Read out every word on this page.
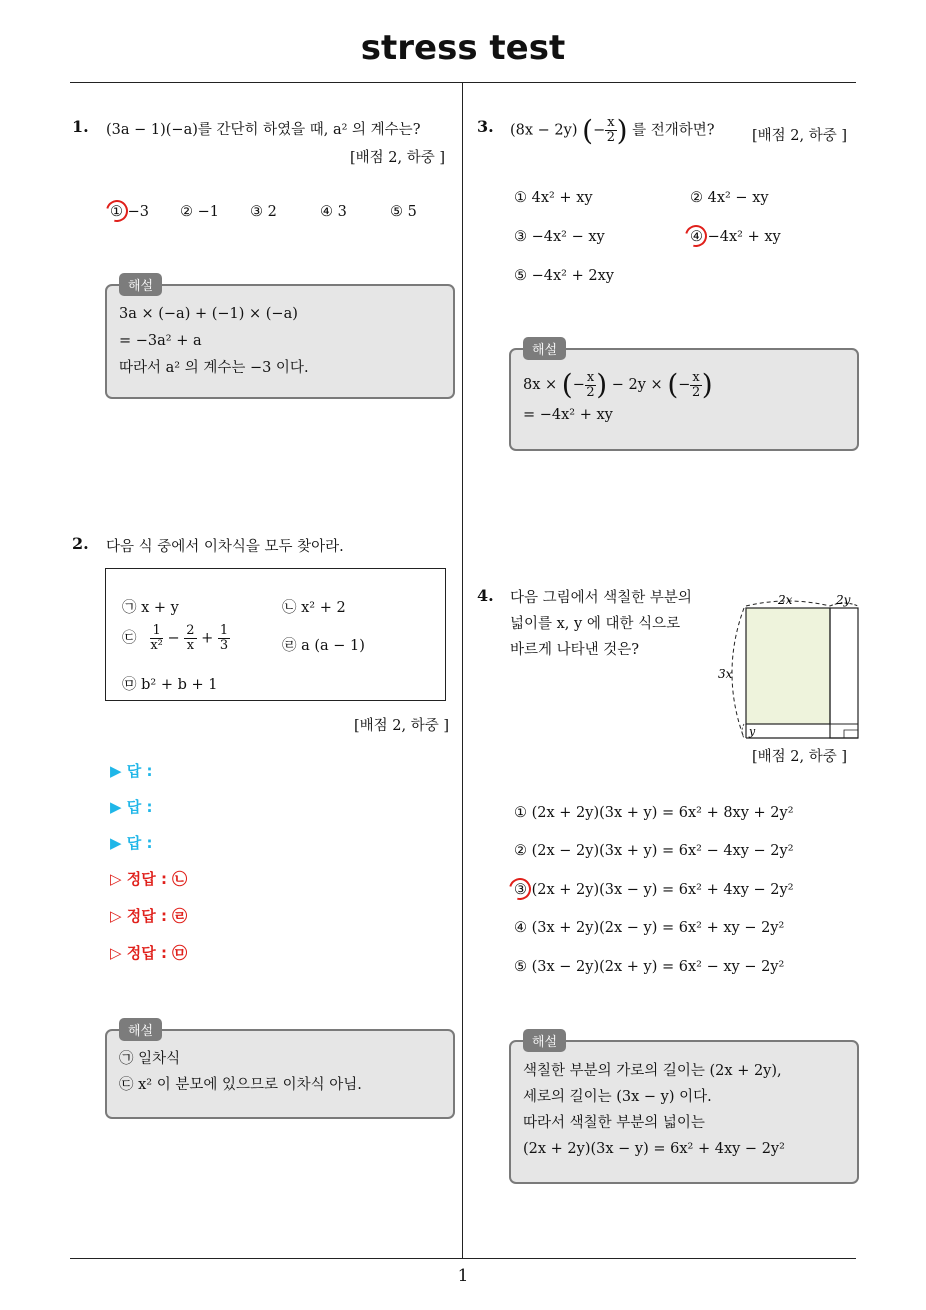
stress test
1
1. (3a − 1)(−a)를 간단히 하였을 때, a² 의 계수는?
[배점 2, 하중 ]
① −3 ② −1 ③ 2	④ 3	⑤ 5
해설
3a × (−a) + (−1) × (−a)
= −3a² + a
따라서 a² 의 계수는 −3 이다.
2. 다음 식 중에서 이차식을 모두 찾아라.
㉠ x + y	㉡ x² + 2
㉢ $\frac{1}{\text{x²}} - \frac{2}{x} + \frac{1}{3}$	㉣ a (a − 1)
㉤ b² + b + 1
[배점 2, 하중 ]
▶ 답 :
▶ 답 :
▶ 답 :
▷ 정답 : ㉡
▷ 정답 : ㉣
▷ 정답 : ㉤
해설
㉠ 일차식
㉢ x² 이 분모에 있으므로 이차식 아님.
3. (8x − 2y) (− $\frac{x}{2}$ ) 를 전개하면?	[배점 2, 하중 ]
① 4x² + xy	② 4x² − xy
③ −4x² − xy	④ −4x² + xy
⑤ −4x² + 2xy
해설
8x × (− $\frac{x}{2}$ ) − 2y × (− $\frac{x}{2}$ )
= −4x² + xy
4. 다음 그림에서 색칠한 부분의
넓이를 x, y 에 대한 식으로
바르게 나타낸 것은?
2x	2y
3x
y
[배점 2, 하중 ]
① (2x + 2y)(3x + y) = 6x² + 8xy + 2y²
② (2x − 2y)(3x + y) = 6x² − 4xy − 2y²
③ (2x + 2y)(3x − y) = 6x² + 4xy − 2y²
④ (3x + 2y)(2x − y) = 6x² + xy − 2y²
⑤ (3x − 2y)(2x + y) = 6x² − xy − 2y²
해설
색칠한 부분의 가로의 길이는 (2x + 2y),
세로의 길이는 (3x − y) 이다.
따라서 색칠한 부분의 넓이는
(2x + 2y)(3x − y) = 6x² + 4xy − 2y²
